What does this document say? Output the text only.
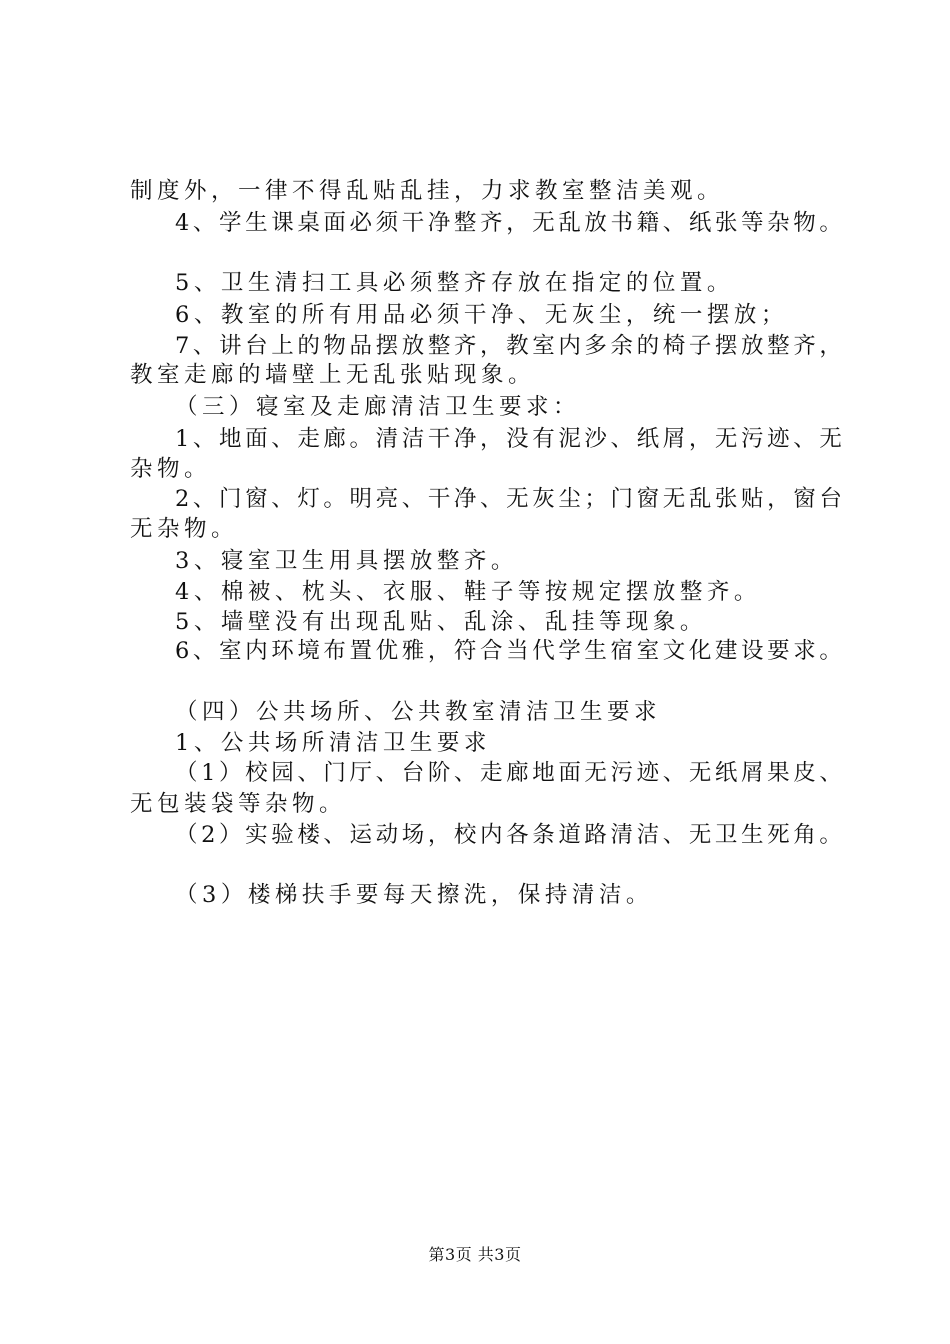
制度外，一律不得乱贴乱挂，力求教室整洁美观。
4、学生课桌面必须干净整齐，无乱放书籍、纸张等杂物。
5、卫生清扫工具必须整齐存放在指定的位置。
6、教室的所有用品必须干净、无灰尘，统一摆放；
7、讲台上的物品摆放整齐，教室内多余的椅子摆放整齐，
教室走廊的墙壁上无乱张贴现象。
（三）寝室及走廊清洁卫生要求：
1、地面、走廊。清洁干净，没有泥沙、纸屑，无污迹、无
杂物。
2、门窗、灯。明亮、干净、无灰尘；门窗无乱张贴，窗台
无杂物。
3、寝室卫生用具摆放整齐。
4、棉被、枕头、衣服、鞋子等按规定摆放整齐。
5、墙壁没有出现乱贴、乱涂、乱挂等现象。
6、室内环境布置优雅，符合当代学生宿室文化建设要求。
（四）公共场所、公共教室清洁卫生要求
1、公共场所清洁卫生要求
（1）校园、门厅、台阶、走廊地面无污迹、无纸屑果皮、
无包装袋等杂物。
（2）实验楼、运动场，校内各条道路清洁、无卫生死角。
（3）楼梯扶手要每天擦洗，保持清洁。
第3页 共3页
